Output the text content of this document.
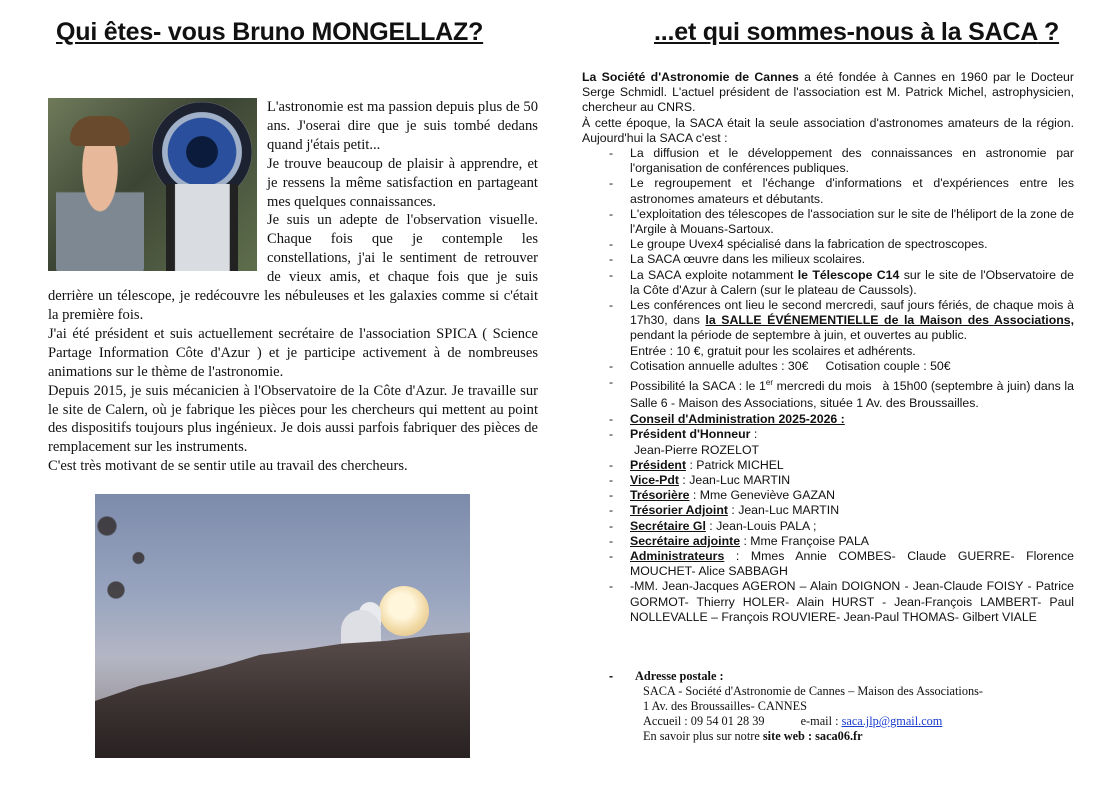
Qui êtes- vous Bruno MONGELLAZ?

L'astronomie est ma passion depuis plus de 50 ans. J'oserai dire que je suis tombé dedans quand j'étais petit...

Je trouve beaucoup de plaisir à apprendre, et je ressens la même satisfaction en partageant mes quelques connaissances.

Je suis un adepte de l'observation visuelle. Chaque fois que je contemple les constellations, j'ai le sentiment de retrouver de vieux amis, et chaque fois que je suis derrière un télescope, je redécouvre les nébuleuses et les galaxies comme si c'était la première fois.

J'ai été président et suis actuellement secrétaire de l'association SPICA ( Science Partage Information Côte d'Azur ) et je participe activement à de nombreuses animations sur le thème de l'astronomie.

Depuis 2015, je suis mécanicien à l'Observatoire de la Côte d'Azur. Je travaille sur le site de Calern, où je fabrique les pièces pour les chercheurs qui mettent au point des dispositifs toujours plus ingénieux. Je dois aussi parfois fabriquer des pièces de remplacement sur les instruments.

C'est très motivant de se sentir utile au travail des chercheurs.

...et qui sommes-nous à la SACA ?

La Société d'Astronomie de Cannes a été fondée à Cannes en 1960 par le Docteur Serge Schmidl. L'actuel président de l'association est M. Patrick Michel, astrophysicien, chercheur au CNRS.

À cette époque, la SACA était la seule association d'astronomes amateurs de la région. Aujourd'hui la SACA c'est :

- La diffusion et le développement des connaissances en astronomie par l'organisation de conférences publiques.
- Le regroupement et l'échange d'informations et d'expériences entre les astronomes amateurs et débutants.
- L'exploitation des télescopes de l'association sur le site de l'héliport de la zone de l'Argile à Mouans-Sartoux.
- Le groupe Uvex4 spécialisé dans la fabrication de spectroscopes.
- La SACA œuvre dans les milieux scolaires.
- La SACA exploite notamment le Télescope C14 sur le site de l'Observatoire de la Côte d'Azur à Calern (sur le plateau de Caussols).
- Les conférences ont lieu le second mercredi, sauf jours fériés, de chaque mois à 17h30, dans la SALLE ÉVÉNEMENTIELLE de la Maison des Associations, pendant la période de septembre à juin, et ouvertes au public.
Entrée : 10 €, gratuit pour les scolaires et adhérents.
- Cotisation annuelle adultes : 30€     Cotisation couple : 50€
- Possibilité la SACA : le 1er mercredi du mois   à 15h00 (septembre à juin) dans la Salle 6 - Maison des Associations, située 1 Av. des Broussailles.
- Conseil d'Administration 2025-2026 :
- Président d'Honneur :
Jean-Pierre ROZELOT
- Président : Patrick MICHEL
- Vice-Pdt : Jean-Luc MARTIN
- Trésorière : Mme Geneviève GAZAN
- Trésorier Adjoint : Jean-Luc MARTIN
- Secrétaire Gl : Jean-Louis PALA ;
- Secrétaire adjointe : Mme Françoise PALA
- Administrateurs : Mmes Annie COMBES- Claude GUERRE- Florence MOUCHET- Alice SABBAGH
- -MM. Jean-Jacques AGERON – Alain DOIGNON - Jean-Claude FOISY - Patrice GORMOT- Thierry HOLER- Alain HURST - Jean-François LAMBERT- Paul NOLLEVALLE – François ROUVIERE- Jean-Paul THOMAS- Gilbert VIALE
-	Adresse postale :
SACA - Société d'Astronomie de Cannes – Maison des Associations-
1 Av. des Broussailles- CANNES
Accueil : 09 54 01 28 39	e-mail : saca.jlp@gmail.com
En savoir plus sur notre site web : saca06.fr
